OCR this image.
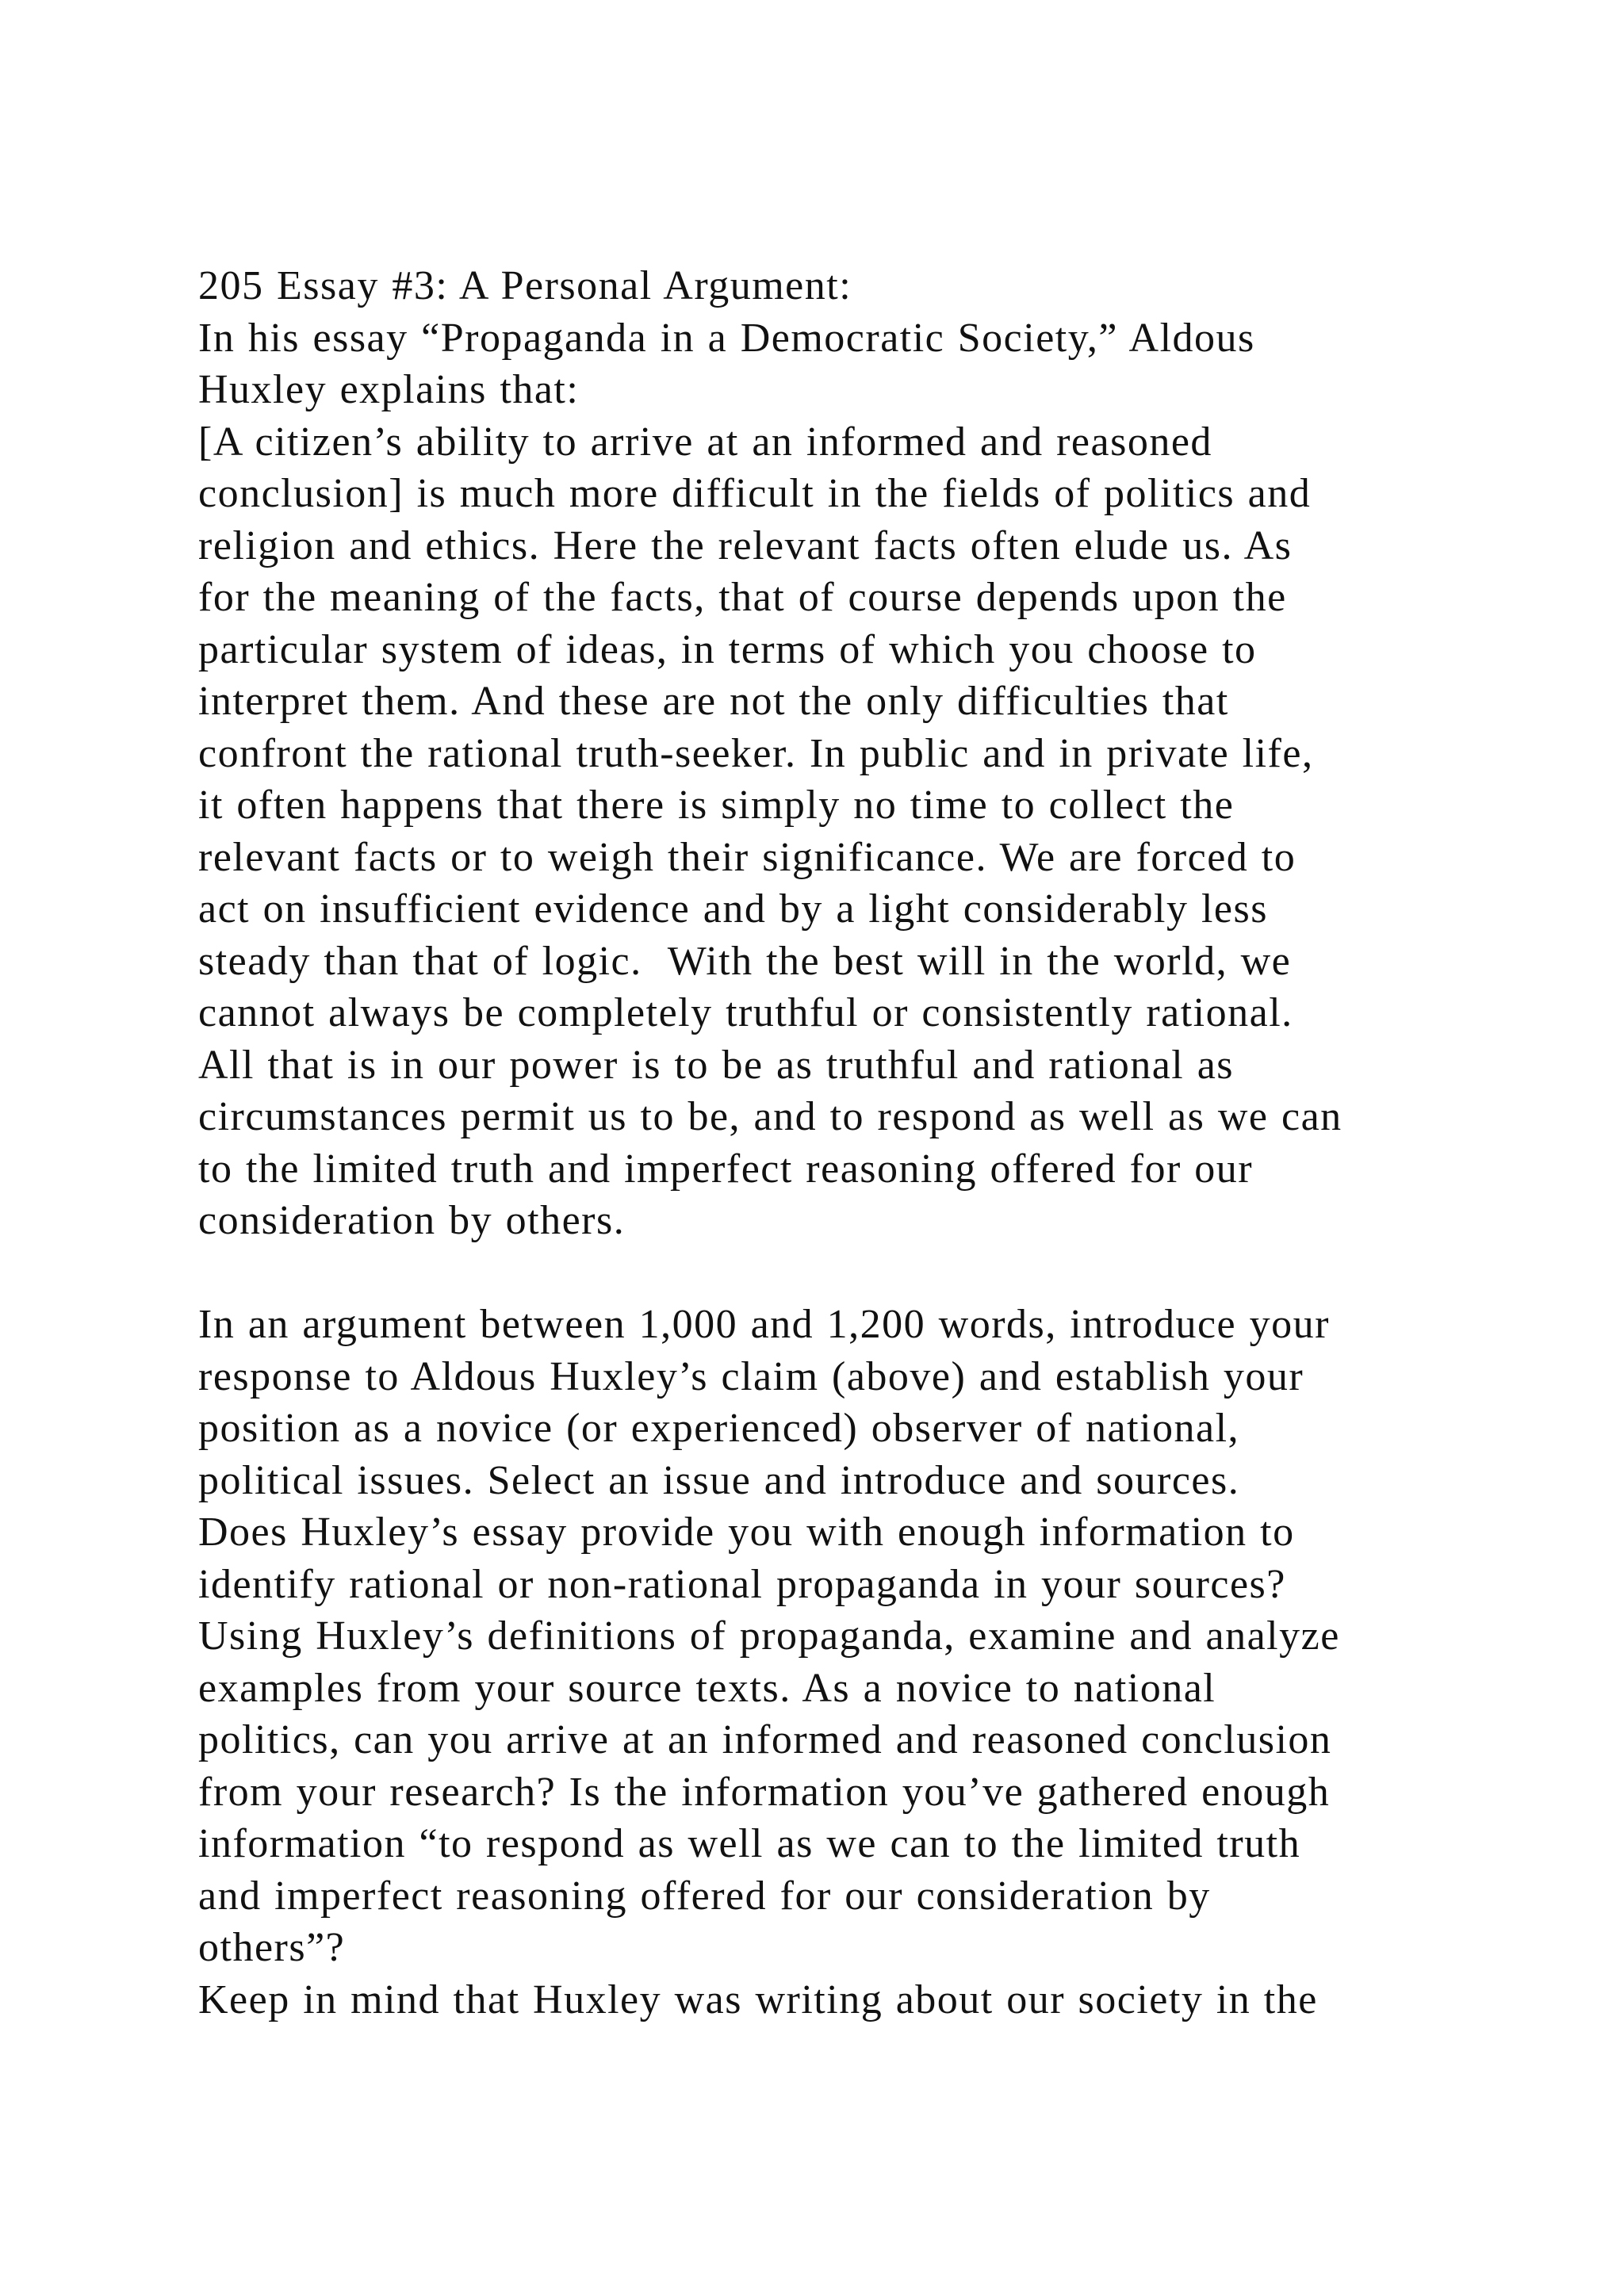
205 Essay #3: A Personal Argument:
In his essay “Propaganda in a Democratic Society,” Aldous
Huxley explains that:
[A citizen’s ability to arrive at an informed and reasoned
conclusion] is much more difficult in the fields of politics and
religion and ethics. Here the relevant facts often elude us. As
for the meaning of the facts, that of course depends upon the
particular system of ideas, in terms of which you choose to
interpret them. And these are not the only difficulties that
confront the rational truth-seeker. In public and in private life,
it often happens that there is simply no time to collect the
relevant facts or to weigh their significance. We are forced to
act on insufficient evidence and by a light considerably less
steady than that of logic.  With the best will in the world, we
cannot always be completely truthful or consistently rational.
All that is in our power is to be as truthful and rational as
circumstances permit us to be, and to respond as well as we can
to the limited truth and imperfect reasoning offered for our
consideration by others.
In an argument between 1,000 and 1,200 words, introduce your
response to Aldous Huxley’s claim (above) and establish your
position as a novice (or experienced) observer of national,
political issues. Select an issue and introduce and sources.
Does Huxley’s essay provide you with enough information to
identify rational or non-rational propaganda in your sources?
Using Huxley’s definitions of propaganda, examine and analyze
examples from your source texts. As a novice to national
politics, can you arrive at an informed and reasoned conclusion
from your research? Is the information you’ve gathered enough
information “to respond as well as we can to the limited truth
and imperfect reasoning offered for our consideration by
others”?
Keep in mind that Huxley was writing about our society in the
